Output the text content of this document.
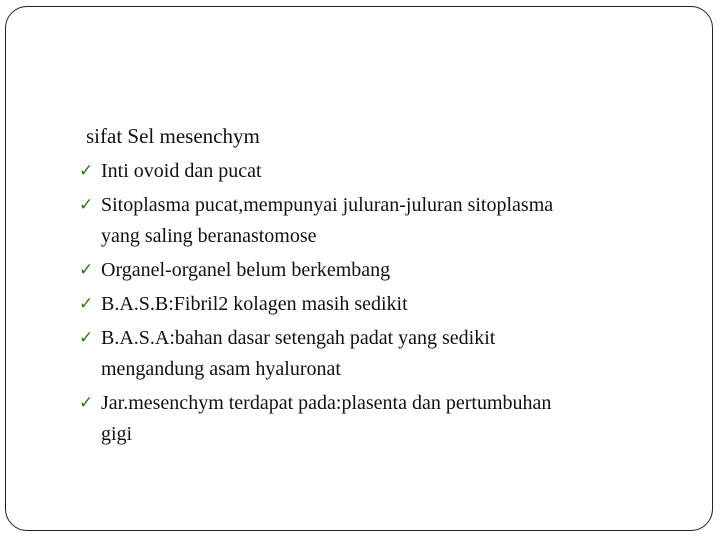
sifat Sel mesenchym
✓ Inti ovoid dan pucat
✓ Sitoplasma pucat,mempunyai juluran-juluran sitoplasma
yang saling beranastomose
✓ Organel-organel belum berkembang
✓ B.A.S.B:Fibril2 kolagen masih sedikit
✓ B.A.S.A:bahan dasar setengah padat yang sedikit
mengandung asam hyaluronat
✓ Jar.mesenchym terdapat pada:plasenta dan pertumbuhan
gigi
